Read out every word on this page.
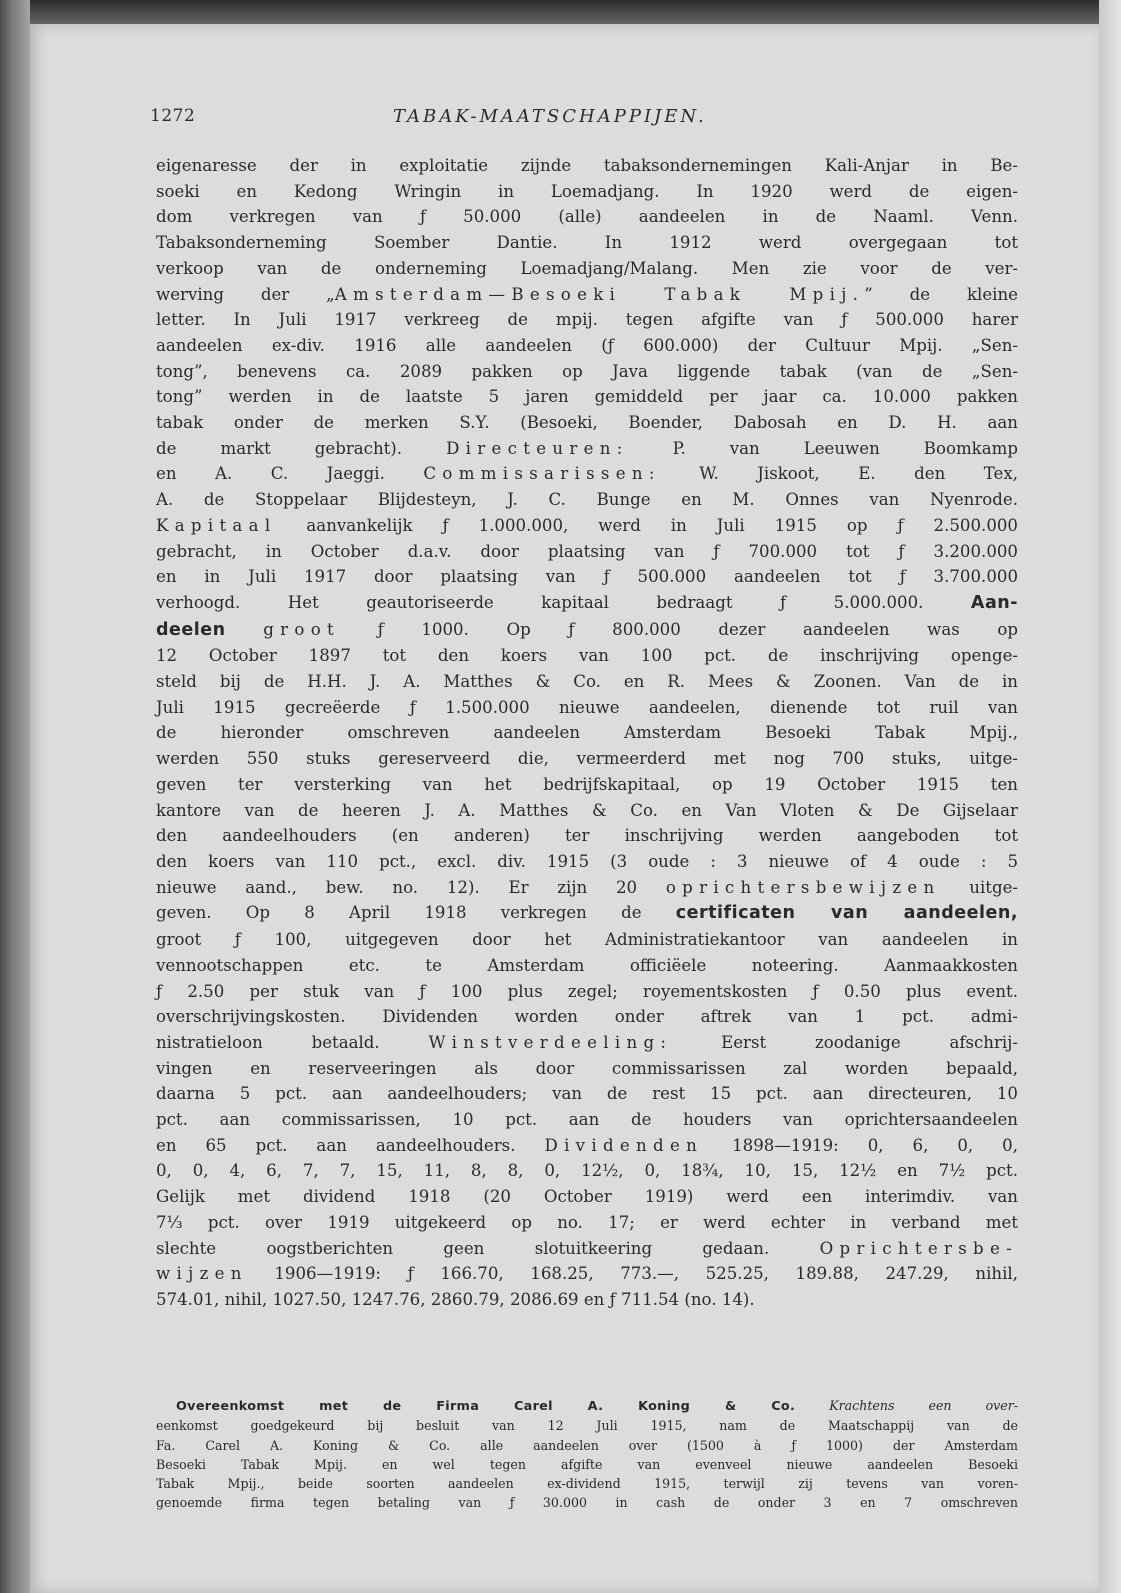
1272	TABAK-MAATSCHAPPIJEN.
eigenaresse der in exploitatie zijnde tabaksondernemingen Kali-Anjar in Be-
soeki en Kedong Wringin in Loemadjang. In 1920 werd de eigen-
dom verkregen van ƒ 50.000 (alle) aandeelen in de Naaml. Venn.
Tabaksonderneming Soember Dantie. In 1912 werd overgegaan tot
verkoop van de onderneming Loemadjang/Malang. Men zie voor de ver-
werving der „Amsterdam—Besoeki Tabak Mpij.” de kleine
letter. In Juli 1917 verkreeg de mpij. tegen afgifte van ƒ 500.000 harer
aandeelen ex-div. 1916 alle aandeelen (ƒ 600.000) der Cultuur Mpij. „Sen-
tong”, benevens ca. 2089 pakken op Java liggende tabak (van de „Sen-
tong” werden in de laatste 5 jaren gemiddeld per jaar ca. 10.000 pakken
tabak onder de merken S.Y. (Besoeki, Boender, Dabosah en D. H. aan
de markt gebracht). Directeuren: P. van Leeuwen Boomkamp
en A. C. Jaeggi. Commissarissen: W. Jiskoot, E. den Tex,
A. de Stoppelaar Blijdesteyn, J. C. Bunge en M. Onnes van Nyenrode.
Kapitaal aanvankelijk ƒ 1.000.000, werd in Juli 1915 op ƒ 2.500.000
gebracht, in October d.a.v. door plaatsing van ƒ 700.000 tot ƒ 3.200.000
en in Juli 1917 door plaatsing van ƒ 500.000 aandeelen tot ƒ 3.700.000
verhoogd. Het geautoriseerde kapitaal bedraagt ƒ 5.000.000. Aan-
deelen groot ƒ 1000. Op ƒ 800.000 dezer aandeelen was op
12 October 1897 tot den koers van 100 pct. de inschrijving openge-
steld bij de H.H. J. A. Matthes & Co. en R. Mees & Zoonen. Van de in
Juli 1915 gecreëerde ƒ 1.500.000 nieuwe aandeelen, dienende tot ruil van
de hieronder omschreven aandeelen Amsterdam Besoeki Tabak Mpij.,
werden 550 stuks gereserveerd die, vermeerderd met nog 700 stuks, uitge-
geven ter versterking van het bedrijfskapitaal, op 19 October 1915 ten
kantore van de heeren J. A. Matthes & Co. en Van Vloten & De Gijselaar
den aandeelhouders (en anderen) ter inschrijving werden aangeboden tot
den koers van 110 pct., excl. div. 1915 (3 oude : 3 nieuwe of 4 oude : 5
nieuwe aand., bew. no. 12). Er zijn 20 oprichtersbewijzen uitge-
geven. Op 8 April 1918 verkregen de certificaten van aandeelen,
groot ƒ 100, uitgegeven door het Administratiekantoor van aandeelen in
vennootschappen etc. te Amsterdam officiëele noteering. Aanmaakkosten
ƒ 2.50 per stuk van ƒ 100 plus zegel; royementskosten ƒ 0.50 plus event.
overschrijvingskosten. Dividenden worden onder aftrek van 1 pct. admi-
nistratieloon betaald. Winstverdeeling: Eerst zoodanige afschrij-
vingen en reserveeringen als door commissarissen zal worden bepaald,
daarna 5 pct. aan aandeelhouders; van de rest 15 pct. aan directeuren, 10
pct. aan commissarissen, 10 pct. aan de houders van oprichtersaandeelen
en 65 pct. aan aandeelhouders. Dividenden 1898—1919: 0, 6, 0, 0,
0, 0, 4, 6, 7, 7, 15, 11, 8, 8, 0, 12½, 0, 18¾, 10, 15, 12½ en 7½ pct.
Gelijk met dividend 1918 (20 October 1919) werd een interimdiv. van
7⅓ pct. over 1919 uitgekeerd op no. 17; er werd echter in verband met
slechte oogstberichten geen slotuitkeering gedaan. Oprichtersbe-
wijzen 1906—1919: ƒ 166.70, 168.25, 773.—, 525.25, 189.88, 247.29, nihil,
574.01, nihil, 1027.50, 1247.76, 2860.79, 2086.69 en ƒ 711.54 (no. 14).
Overeenkomst met de Firma Carel A. Koning & Co.	Krachtens een over-
eenkomst goedgekeurd bij besluit van 12 Juli 1915, nam de Maatschappij van de
Fa. Carel A. Koning & Co. alle aandeelen over (1500 à ƒ 1000) der Amsterdam
Besoeki Tabak Mpij. en wel tegen afgifte van evenveel nieuwe aandeelen Besoeki
Tabak Mpij., beide soorten aandeelen ex-dividend 1915, terwijl zij tevens van voren-
genoemde firma tegen betaling van ƒ 30.000 in cash de onder 3 en 7 omschreven
